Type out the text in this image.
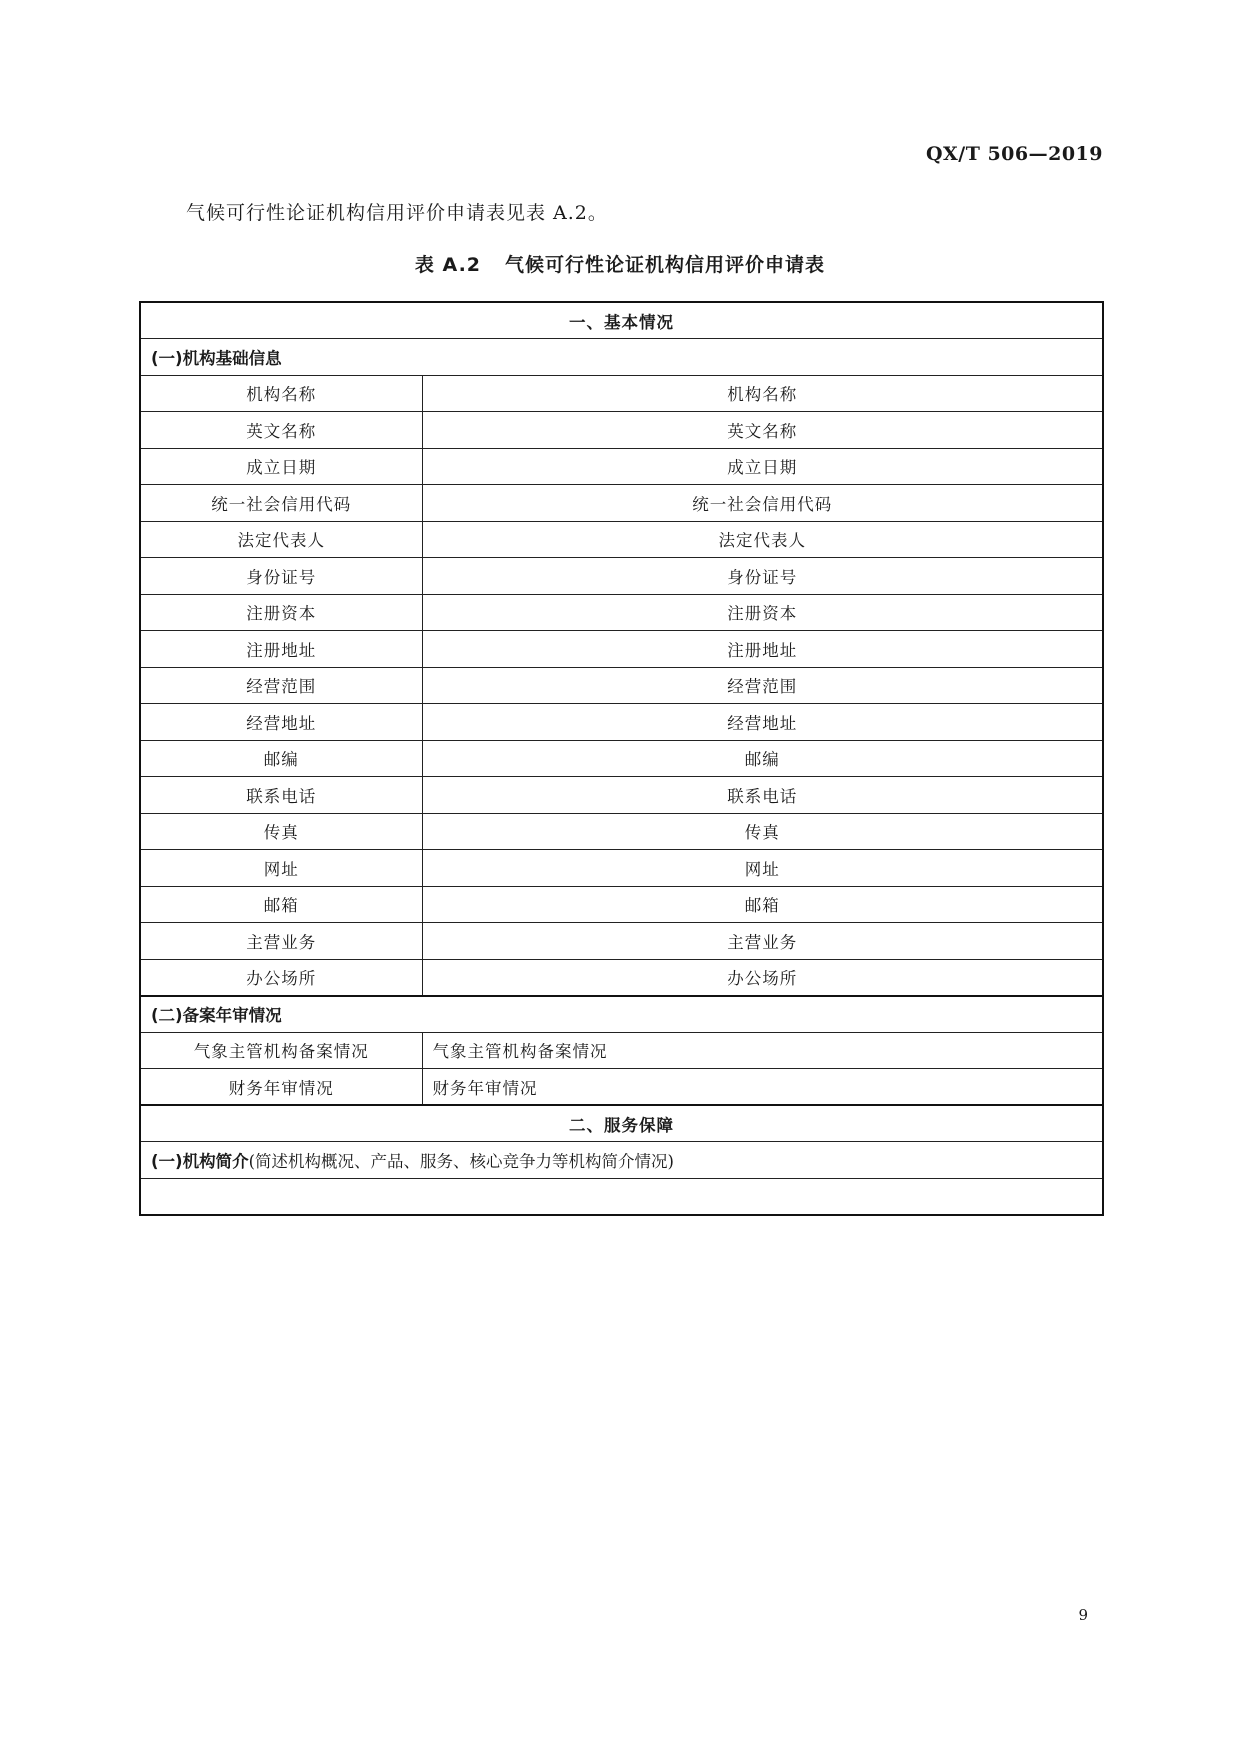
QX/T 506—2019
气候可行性论证机构信用评价申请表见表 A.2。
表 A.2 气候可行性论证机构信用评价申请表
一、基本情况	
(一)机构基础信息	
机构名称	机构名称
英文名称	英文名称
成立日期	成立日期
统一社会信用代码	统一社会信用代码
法定代表人	法定代表人
身份证号	身份证号
注册资本	注册资本
注册地址	注册地址
经营范围	经营范围
经营地址	经营地址
邮编	邮编
联系电话	联系电话
传真	传真
网址	网址
邮箱	邮箱
主营业务	主营业务
办公场所	办公场所
(二)备案年审情况	
气象主管机构备案情况	气象主管机构备案情况
财务年审情况	财务年审情况
二、服务保障	
(一)机构简介(简述机构概况、产品、服务、核心竞争力等机构简介情况)	

9
